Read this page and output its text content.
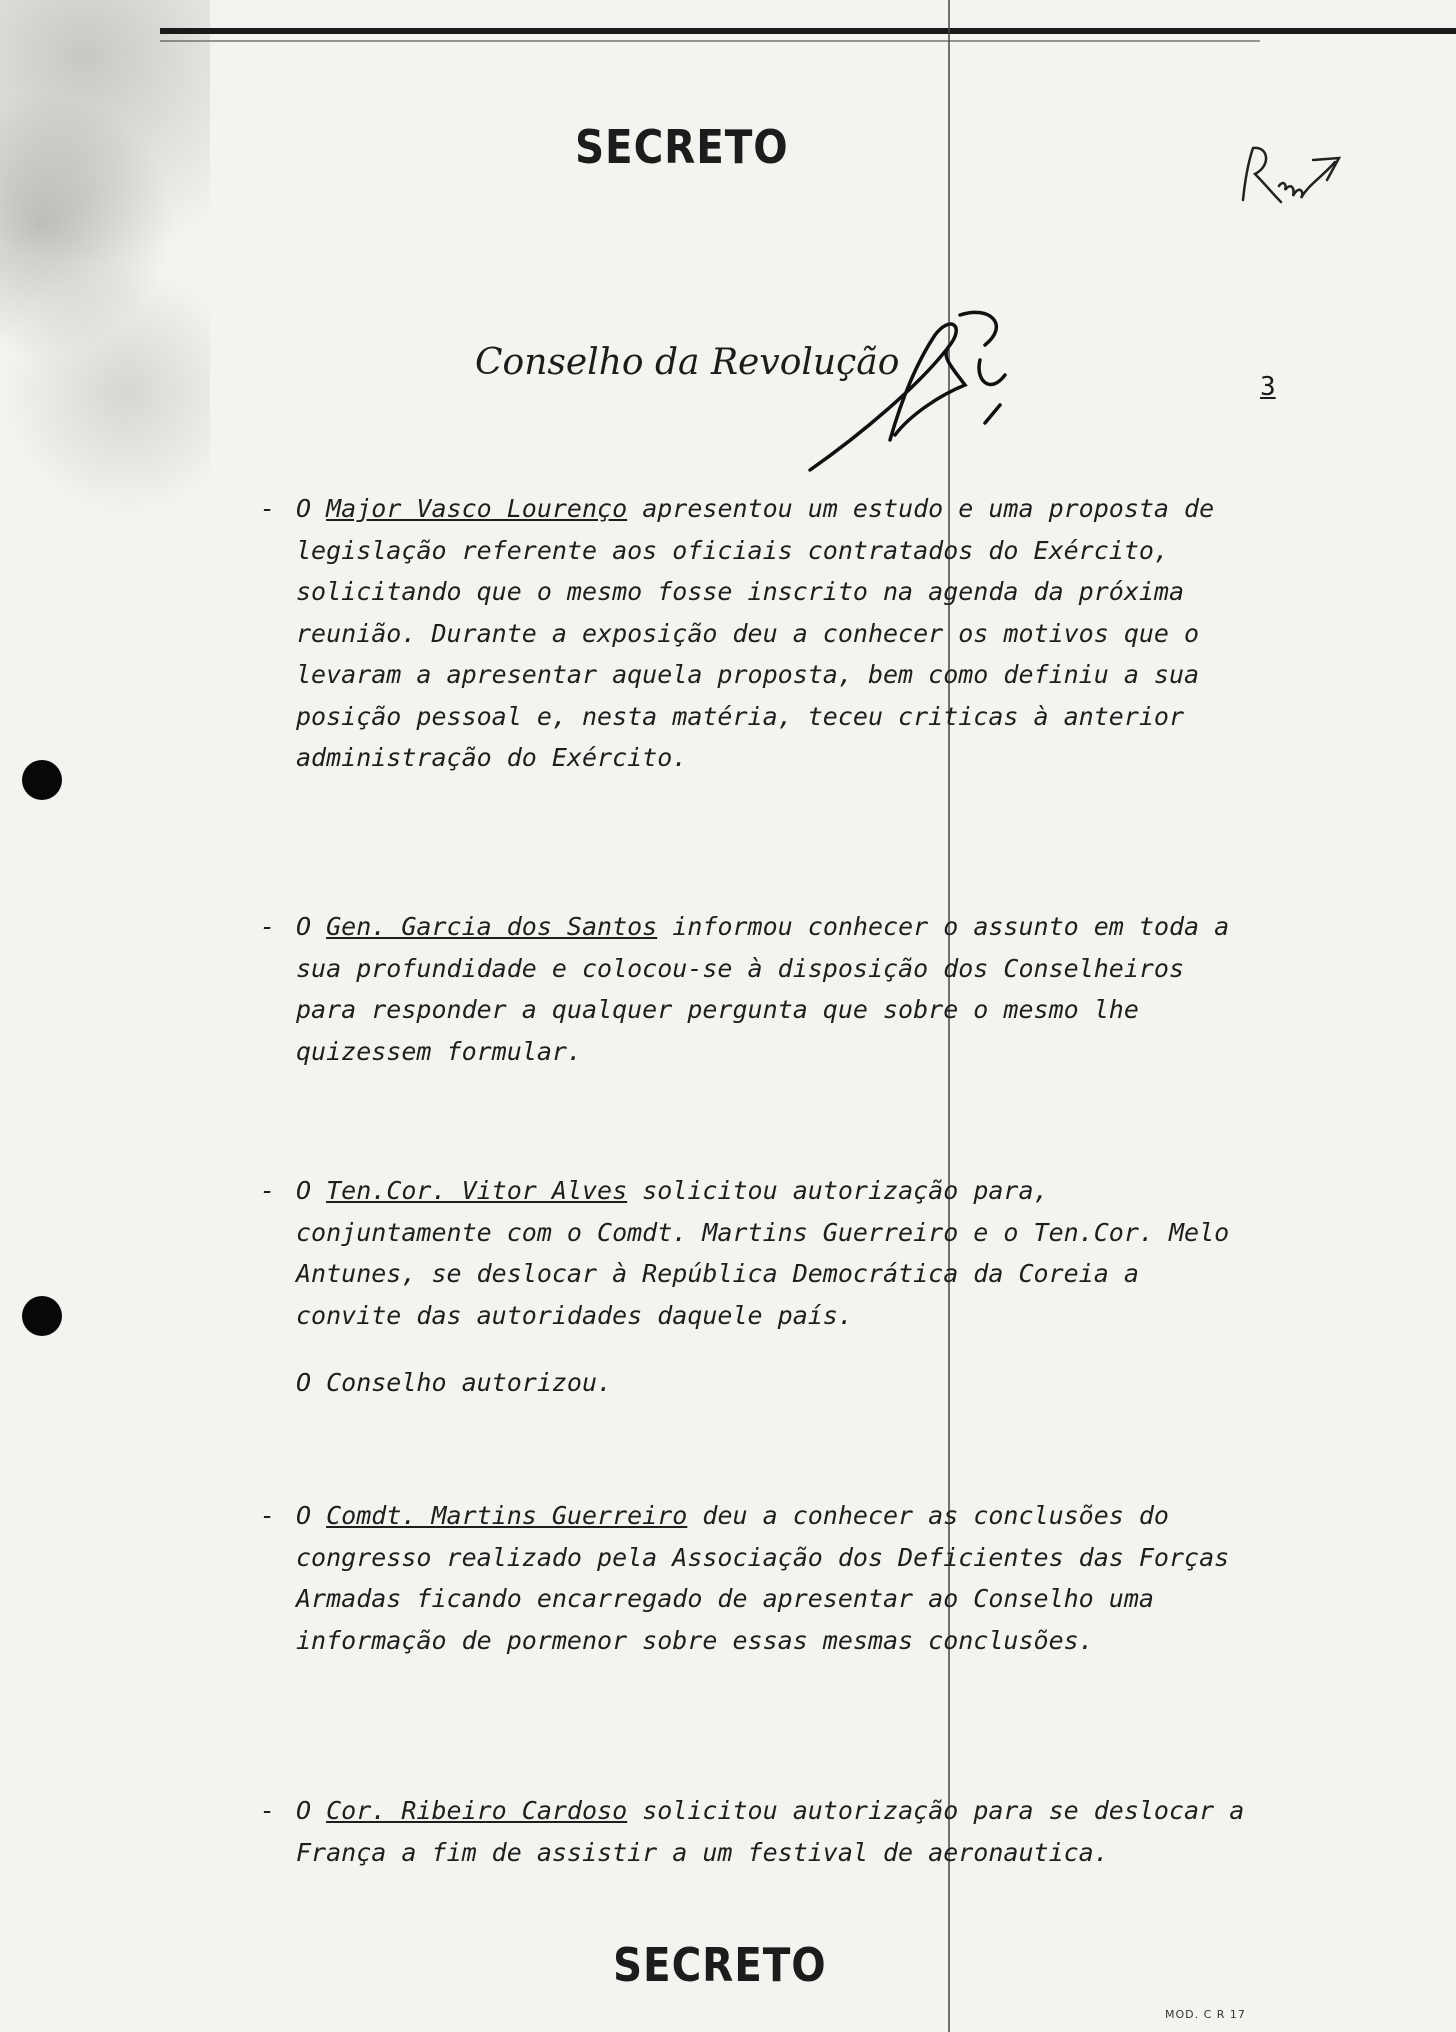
SECRETO
Conselho da Revolução
3

- O Major Vasco Lourenço apresentou um estudo e uma proposta de legislação referente aos oficiais contratados do Exército, solicitando que o mesmo fosse inscrito na agenda da próxima reunião. Durante a exposição deu a conhecer os motivos que o levaram a apresentar aquela proposta, bem como definiu a sua posição pessoal e, nesta matéria, teceu criticas à anterior administração do Exército.

- O Gen. Garcia dos Santos informou conhecer o assunto em toda a sua profundidade e colocou-se à disposição dos Conselheiros para responder a qualquer pergunta que sobre o mesmo lhe quizessem formular.

- O Ten.Cor. Vitor Alves solicitou autorização para, conjuntamente com o Comdt. Martins Guerreiro e o Ten.Cor. Melo Antunes, se deslocar à República Democrática da Coreia a convite das autoridades daquele país.

O Conselho autorizou.

- O Comdt. Martins Guerreiro deu a conhecer as conclusões do congresso realizado pela Associação dos Deficientes das Forças Armadas ficando encarregado de apresentar ao Conselho uma informação de pormenor sobre essas mesmas conclusões.

- O Cor. Ribeiro Cardoso solicitou autorização para se deslocar a França a fim de assistir a um festival de aeronautica.

SECRETO
MOD. C R 17
